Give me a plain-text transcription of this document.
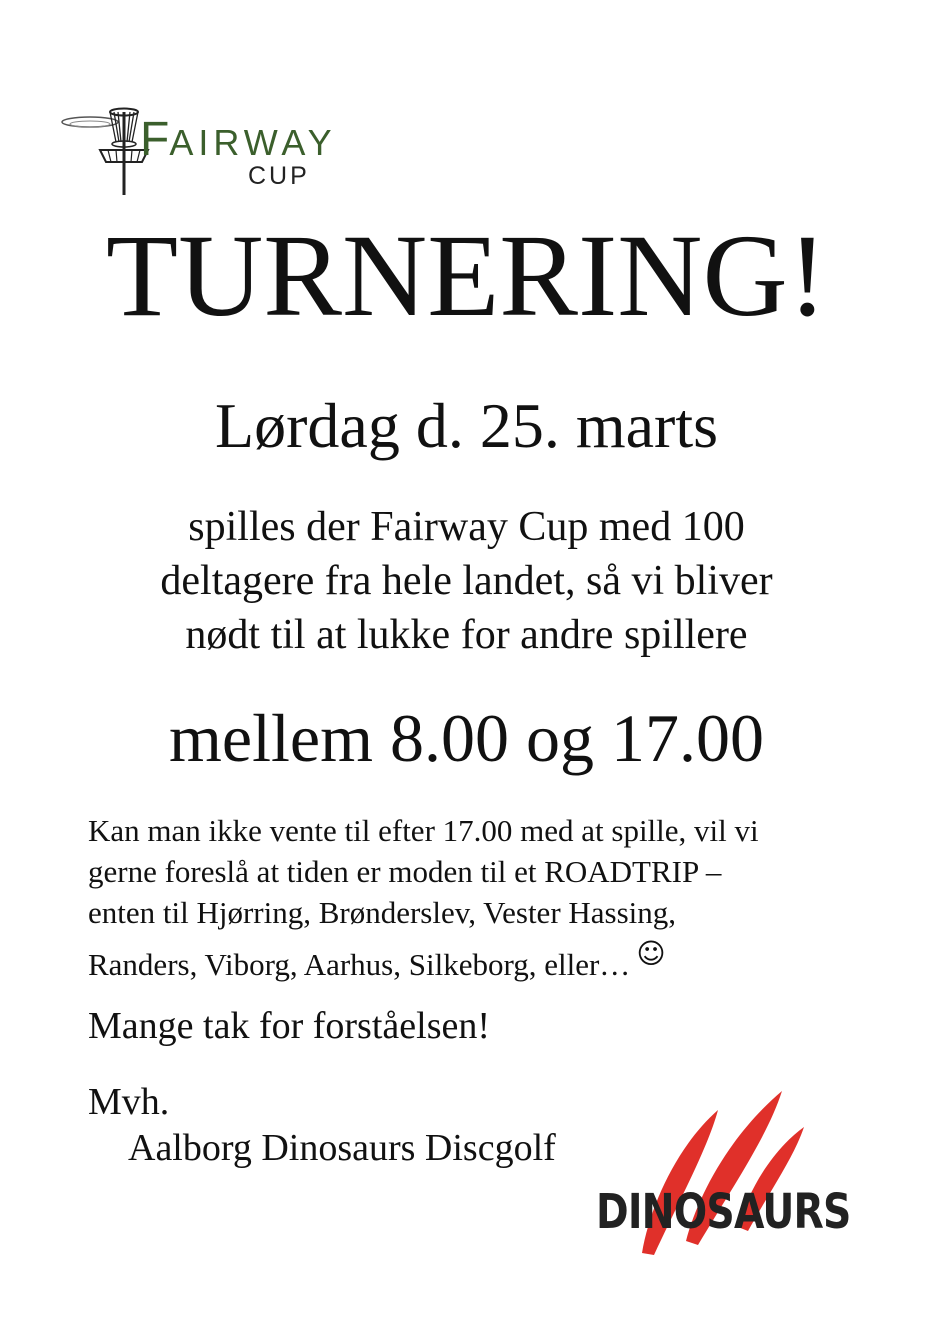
FAIRWAY
CUP
TURNERING!
Lørdag d. 25. marts
spilles der Fairway Cup med 100
deltagere fra hele landet, så vi bliver
nødt til at lukke for andre spillere
mellem 8.00 og 17.00
Kan man ikke vente til efter 17.00 med at spille, vil vi
gerne foreslå at tiden er moden til et ROADTRIP –
enten til Hjørring, Brønderslev, Vester Hassing,
Randers, Viborg, Aarhus, Silkeborg, eller… ☺
Mange tak for forståelsen!
Mvh.
Aalborg Dinosaurs Discgolf
DINOSAURS
